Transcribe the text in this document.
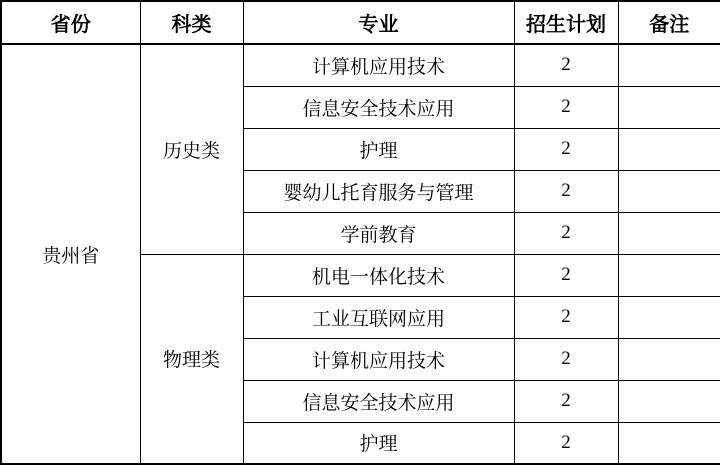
省份	科类	专业	招生计划	备注
贵州省	历史类	计算机应用技术	2	
		信息安全技术应用	2	
		护理	2	
		婴幼儿托育服务与管理	2	
		学前教育	2	
	物理类	机电一体化技术	2	
		工业互联网应用	2	
		计算机应用技术	2	
		信息安全技术应用	2	
		护理	2	
